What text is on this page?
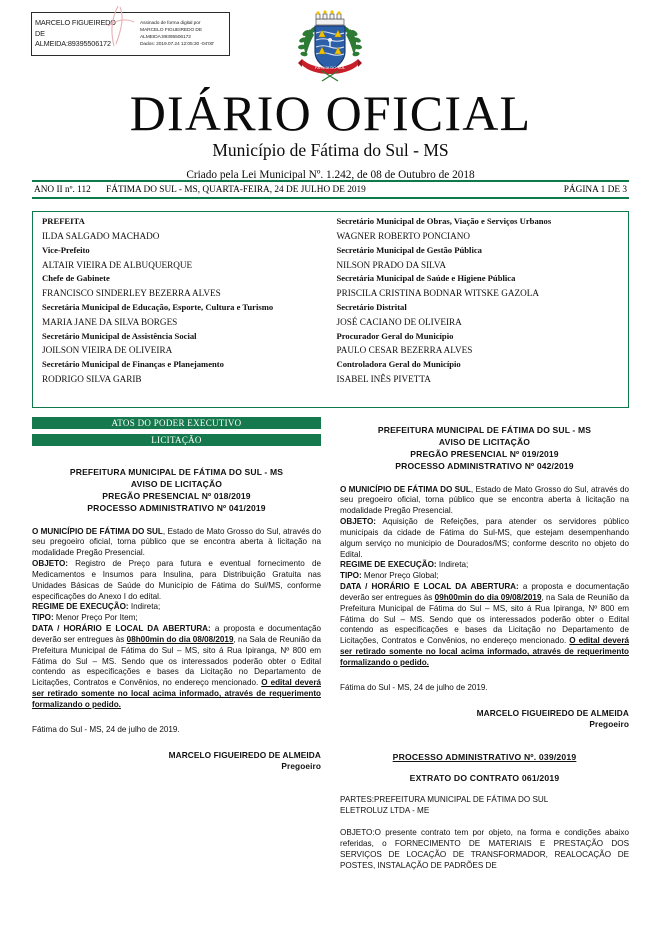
MARCELO FIGUEIREDO
DE
ALMEIDA:89395506172
Assinado de forma digital por
MARCELO FIGUEIREDO DE
ALMEIDA:89395506172
Dados: 2019.07.24 12:05:30 -04'00'
FÁTIMA DO SUL
DIÁRIO OFICIAL
Município de Fátima do Sul - MS
Criado pela Lei Municipal Nº. 1.242, de 08 de Outubro de 2018
ANO II nº. 112 FÁTIMA DO SUL - MS, QUARTA-FEIRA, 24 DE JULHO DE 2019	PÁGINA 1 DE 3
PREFEITA
ILDA SALGADO MACHADO
Vice-Prefeito
ALTAIR VIEIRA DE ALBUQUERQUE
Chefe de Gabinete
FRANCISCO SINDERLEY BEZERRA ALVES
Secretária Municipal de Educação, Esporte, Cultura e Turismo
MARIA JANE DA SILVA BORGES
Secretário Municipal de Assistência Social
JOILSON VIEIRA DE OLIVEIRA
Secretário Municipal de Finanças e Planejamento
RODRIGO SILVA GARIB
Secretário Municipal de Obras, Viação e Serviços Urbanos
WAGNER ROBERTO PONCIANO
Secretário Municipal de Gestão Pública
NILSON PRADO DA SILVA
Secretária Municipal de Saúde e Higiene Pública
PRISCILA CRISTINA BODNAR WITSKE GAZOLA
Secretário Distrital
JOSÉ CACIANO DE OLIVEIRA
Procurador Geral do Município
PAULO CESAR BEZERRA ALVES
Controladora Geral do Município
ISABEL INÊS PIVETTA
ATOS DO PODER EXECUTIVO
LICITAÇÃO
PREFEITURA MUNICIPAL DE FÁTIMA DO SUL - MS
AVISO DE LICITAÇÃO
PREGÃO PRESENCIAL Nº 018/2019
PROCESSO ADMINISTRATIVO Nº 041/2019
O MUNICÍPIO DE FÁTIMA DO SUL, Estado de Mato Grosso do Sul, através do seu pregoeiro oficial, torna público que se encontra aberta à licitação na modalidade Pregão Presencial.
OBJETO: Registro de Preço para futura e eventual fornecimento de Medicamentos e Insumos para Insulina, para Distribuição Gratuita nas Unidades Básicas de Saúde do Município de Fátima do Sul/MS, conforme especificações do Anexo I do edital.
REGIME DE EXECUÇÃO: Indireta;
TIPO: Menor Preço Por Item;
DATA / HORÁRIO E LOCAL DA ABERTURA: a proposta e documentação deverão ser entregues às 08h00min do dia 08/08/2019, na Sala de Reunião da Prefeitura Municipal de Fátima do Sul – MS, sito á Rua Ipiranga, Nº 800 em Fátima do Sul – MS. Sendo que os interessados poderão obter o Edital contendo as especificações e bases da Licitação no Departamento de Licitações, Contratos e Convênios, no endereço mencionado. O edital deverá ser retirado somente no local acima informado, através de requerimento formalizando o pedido.
Fátima do Sul - MS, 24 de julho de 2019.
MARCELO FIGUEIREDO DE ALMEIDA
Pregoeiro
PREFEITURA MUNICIPAL DE FÁTIMA DO SUL - MS
AVISO DE LICITAÇÃO
PREGÃO PRESENCIAL Nº 019/2019
PROCESSO ADMINISTRATIVO Nº 042/2019
O MUNICÍPIO DE FÁTIMA DO SUL, Estado de Mato Grosso do Sul, através do seu pregoeiro oficial, torna público que se encontra aberta à licitação na modalidade Pregão Presencial.
OBJETO: Aquisição de Refeições, para atender os servidores público municipais da cidade de Fátima do Sul-MS, que estejam desempenhando algum serviço no municipio de Dourados/MS; conforme descrito no objeto do Edital.
REGIME DE EXECUÇÃO: Indireta;
TIPO: Menor Preço Global;
DATA / HORÁRIO E LOCAL DA ABERTURA: a proposta e documentação deverão ser entregues às 09h00min do dia 09/08/2019, na Sala de Reunião da Prefeitura Municipal de Fátima do Sul – MS, sito á Rua Ipiranga, Nº 800 em Fátima do Sul – MS. Sendo que os interessados poderão obter o Edital contendo as especificações e bases da Licitação no Departamento de Licitações, Contratos e Convênios, no endereço mencionado. O edital deverá ser retirado somente no local acima informado, através de requerimento formalizando o pedido.
Fátima do Sul - MS, 24 de julho de 2019.
MARCELO FIGUEIREDO DE ALMEIDA
Pregoeiro
PROCESSO ADMINISTRATIVO Nº. 039/2019
EXTRATO DO CONTRATO 061/2019
PARTES:PREFEITURA MUNICIPAL DE FÁTIMA DO SUL
ELETROLUZ LTDA - ME
OBJETO:O presente contrato tem por objeto, na forma e condições abaixo referidas, o FORNECIMENTO DE MATERIAIS E PRESTAÇÃO DOS SERVIÇOS DE LOCAÇÃO DE TRANSFORMADOR, REALOCAÇÃO DE POSTES, INSTALAÇÃO DE PADRÕES DE
